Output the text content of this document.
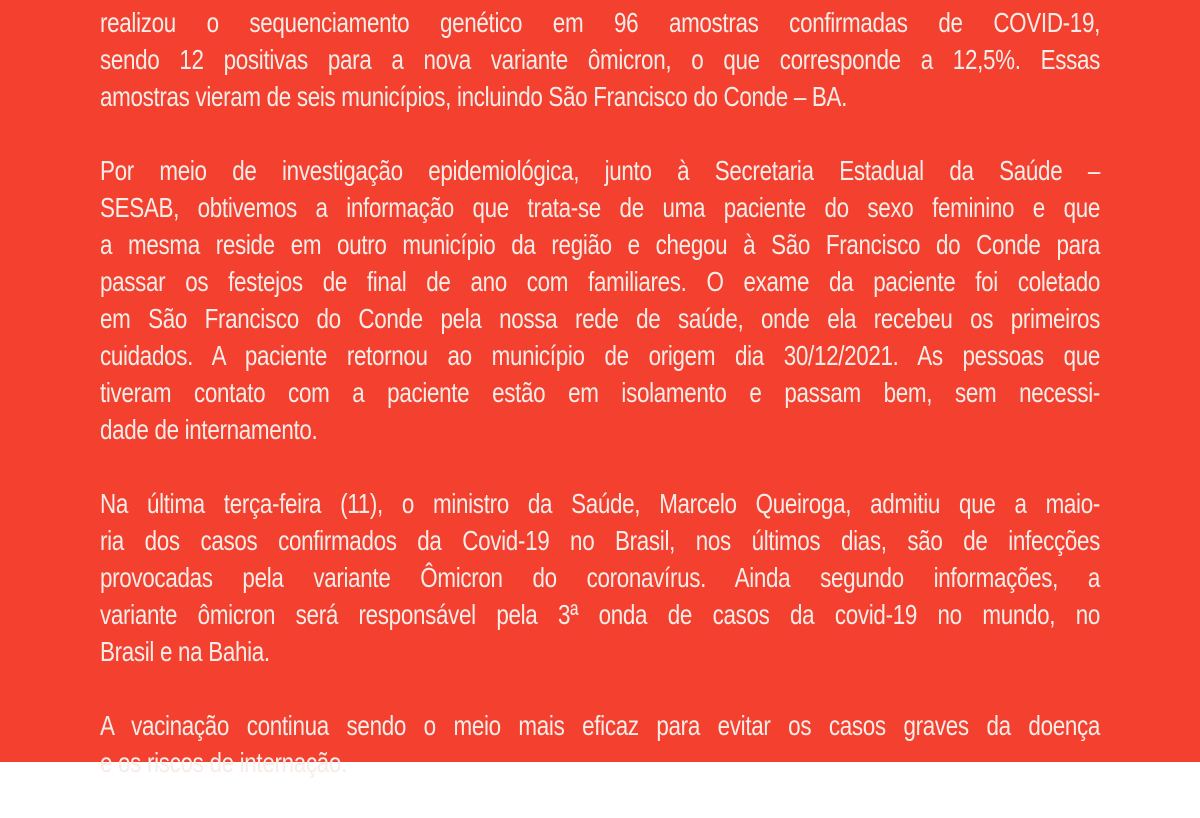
realizou o sequenciamento genético em 96 amostras confirmadas de COVID-19,
sendo 12 positivas para a nova variante ômicron, o que corresponde a 12,5%. Essas
amostras vieram de seis municípios, incluindo São Francisco do Conde – BA.
Por meio de investigação epidemiológica, junto à Secretaria Estadual da Saúde –
SESAB, obtivemos a informação que trata-se de uma paciente do sexo feminino e que
a mesma reside em outro município da região e chegou à São Francisco do Conde para
passar os festejos de final de ano com familiares. O exame da paciente foi coletado
em São Francisco do Conde pela nossa rede de saúde, onde ela recebeu os primeiros
cuidados. A paciente retornou ao município de origem dia 30/12/2021. As pessoas que
tiveram contato com a paciente estão em isolamento e passam bem, sem necessi-
dade de internamento.
Na última terça-feira (11), o ministro da Saúde, Marcelo Queiroga, admitiu que a maio-
ria dos casos confirmados da Covid-19 no Brasil, nos últimos dias, são de infecções
provocadas pela variante Ômicron do coronavírus. Ainda segundo informações, a
variante ômicron será responsável pela 3ª onda de casos da covid-19 no mundo, no
Brasil e na Bahia.
A vacinação continua sendo o meio mais eficaz para evitar os casos graves da doença
e os riscos de internação.
